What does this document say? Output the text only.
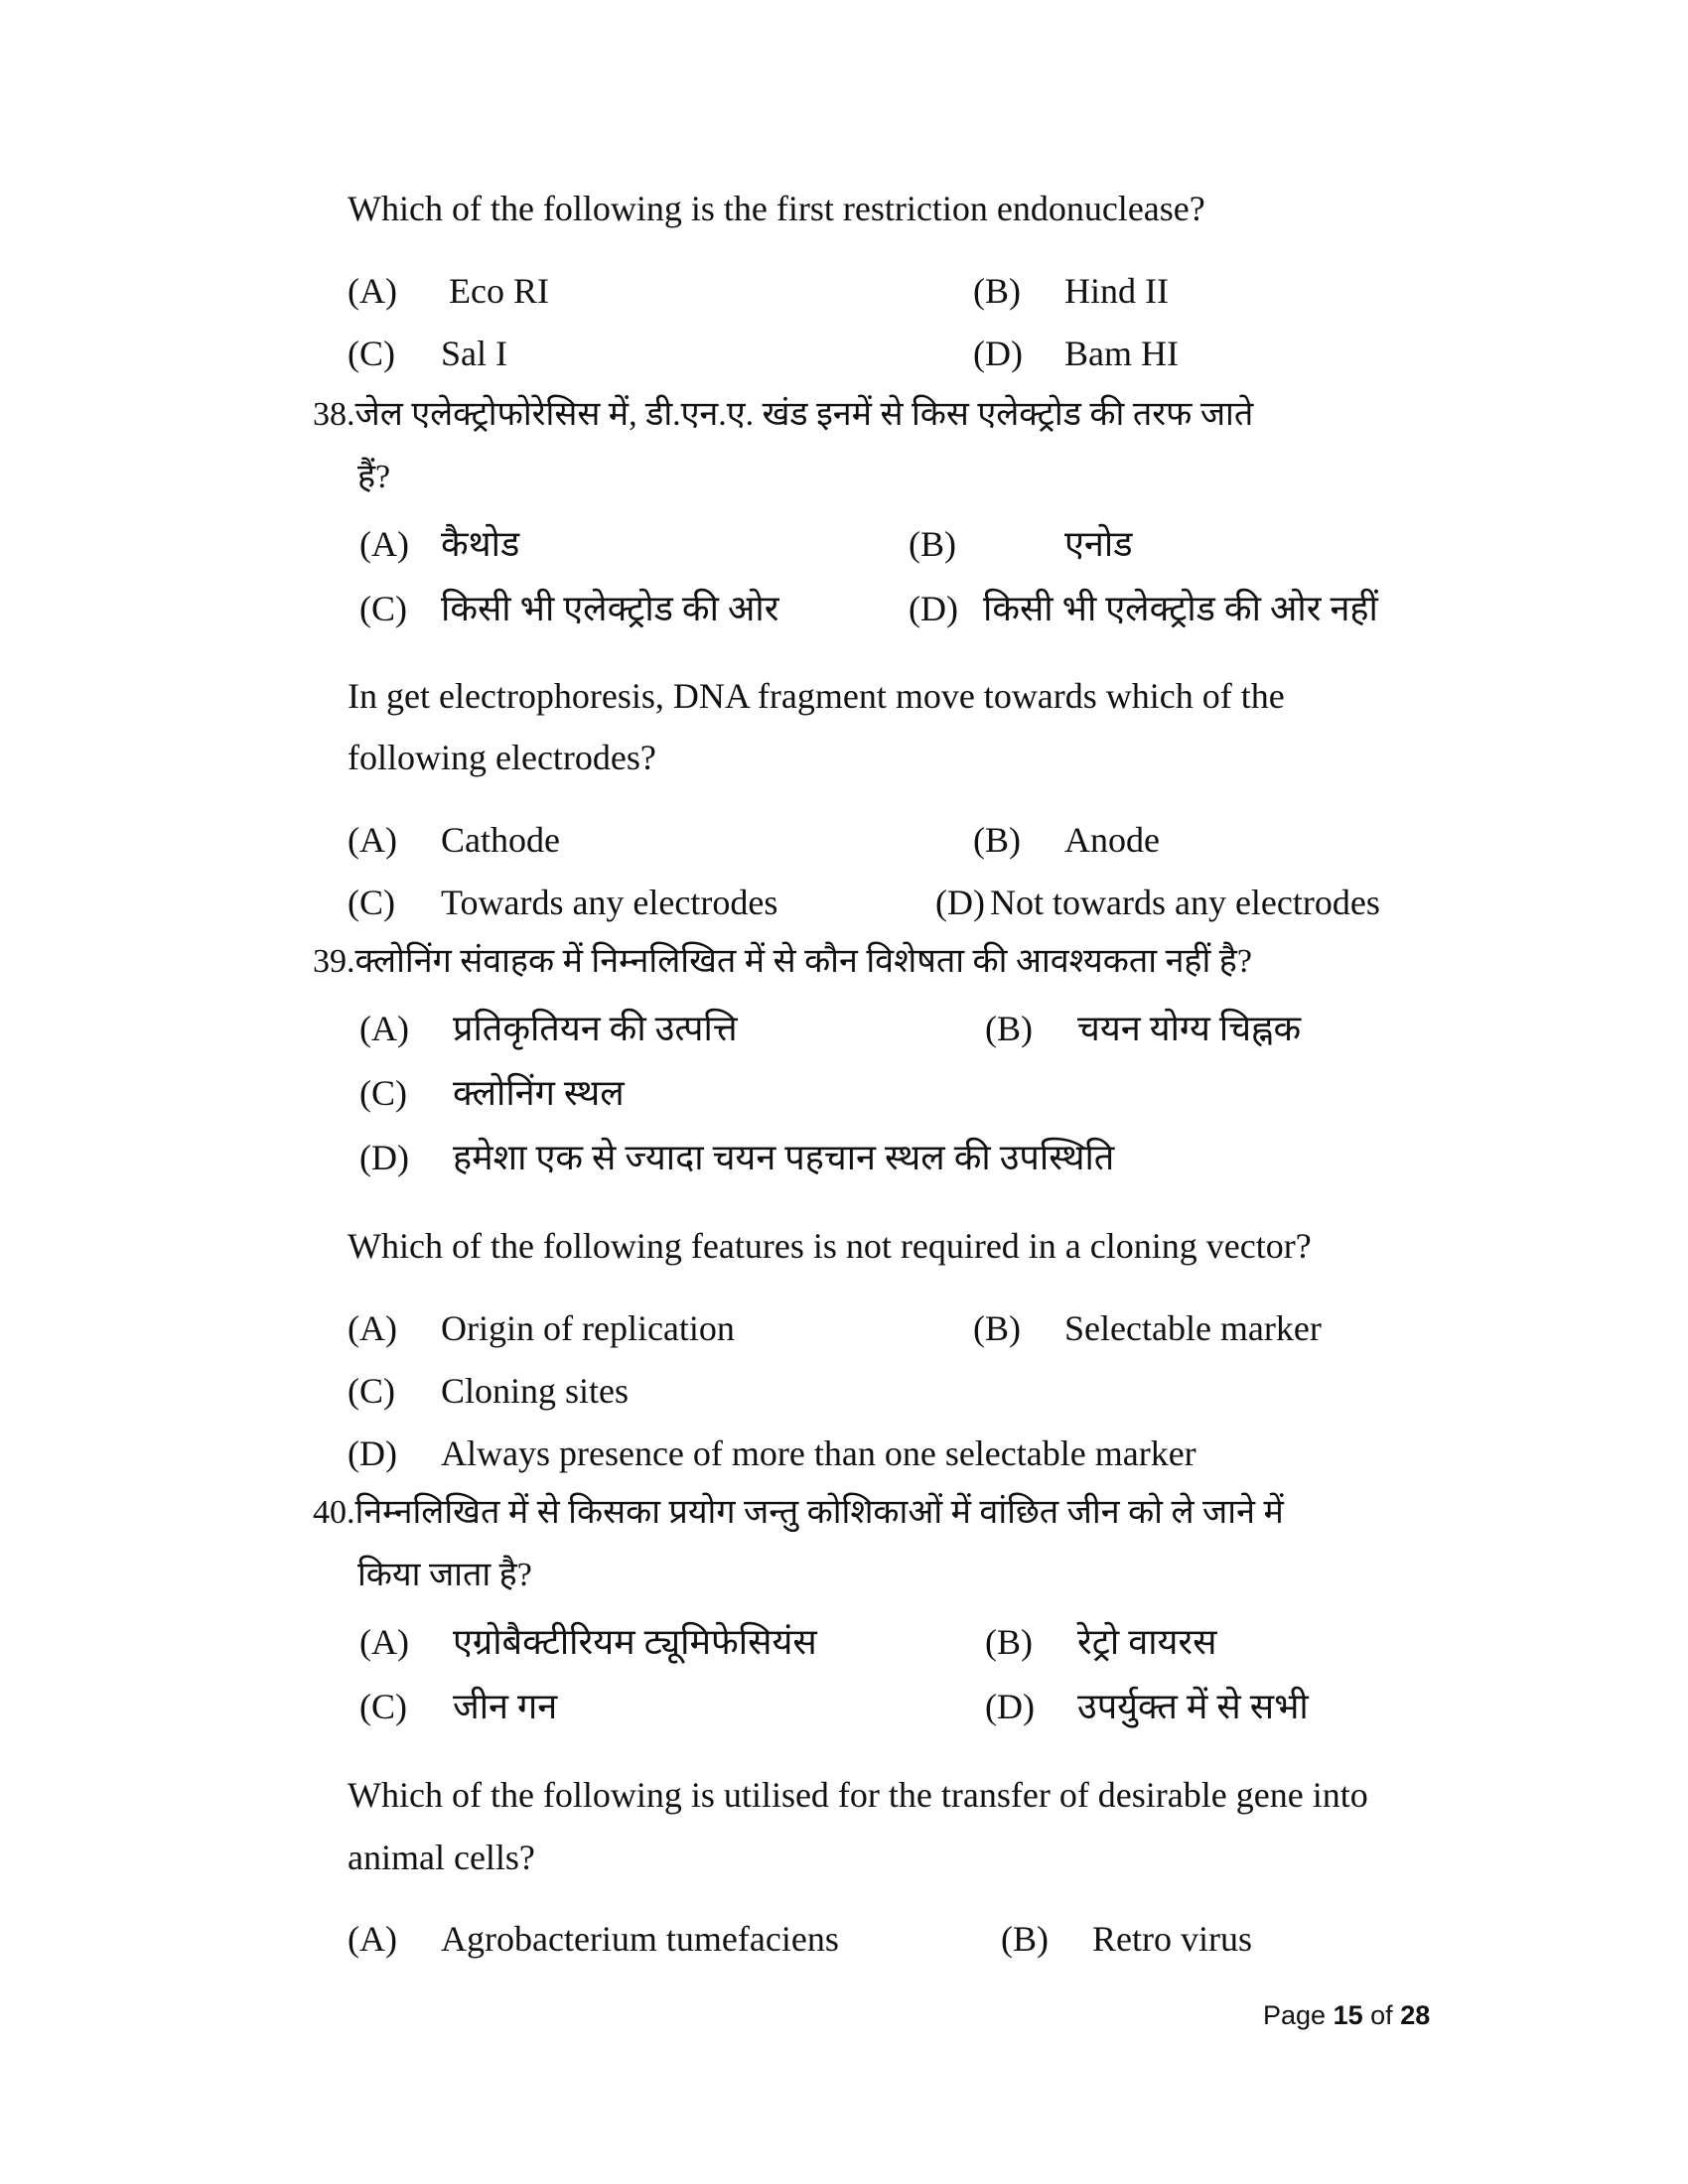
Which of the following is the first restriction endonuclease?
(A) Eco RI	(B) Hind II
(C) Sal I	(D) Bam HI
38.जेल एलेक्ट्रोफोरेसिस में, डी.एन.ए. खंड इनमें से किस एलेक्ट्रोड की तरफ जाते
हैं?
(A) कैथोड	(B)	एनोड
(C) किसी भी एलेक्ट्रोड की ओर	(D) किसी भी एलेक्ट्रोड की ओर नहीं
In get electrophoresis, DNA fragment move towards which of the
following electrodes?
(A) Cathode	(B) Anode
(C) Towards any electrodes	(D) Not towards any electrodes
39.क्लोनिंग संवाहक में निम्नलिखित में से कौन विशेषता की आवश्यकता नहीं है?
(A) प्रतिकृतियन की उत्पत्ति	(B) चयन योग्य चिह्नक
(C) क्लोनिंग स्थल
(D) हमेशा एक से ज्यादा चयन पहचान स्थल की उपस्थिति
Which of the following features is not required in a cloning vector?
(A) Origin of replication	(B) Selectable marker
(C) Cloning sites
(D) Always presence of more than one selectable marker
40.निम्नलिखित में से किसका प्रयोग जन्तु कोशिकाओं में वांछित जीन को ले जाने में
किया जाता है?
(A) एग्रोबैक्टीरियम ट्यूमिफेसियंस	(B) रेट्रो वायरस
(C) जीन गन	(D) उपर्युक्त में से सभी
Which of the following is utilised for the transfer of desirable gene into
animal cells?
(A) Agrobacterium tumefaciens	(B) Retro virus
Page 15 of 28
